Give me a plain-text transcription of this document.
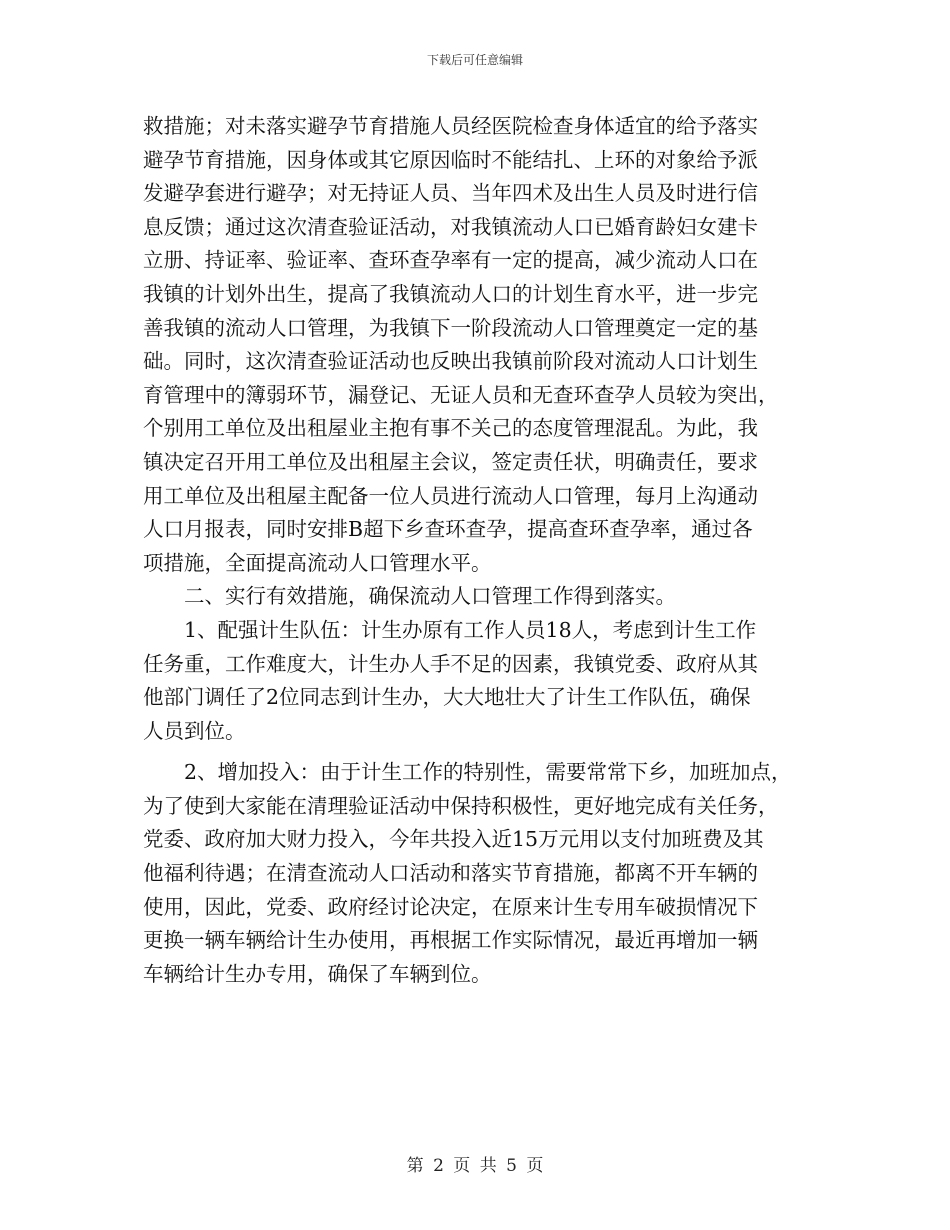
下载后可任意编辑
救措施；对未落实避孕节育措施人员经医院检查身体适宜的给予落实
避孕节育措施，因身体或其它原因临时不能结扎、上环的对象给予派
发避孕套进行避孕；对无持证人员、当年四术及出生人员及时进行信
息反馈；通过这次清查验证活动，对我镇流动人口已婚育龄妇女建卡
立册、持证率、验证率、查环查孕率有一定的提高，减少流动人口在
我镇的计划外出生，提高了我镇流动人口的计划生育水平，进一步完
善我镇的流动人口管理，为我镇下一阶段流动人口管理奠定一定的基
础。同时，这次清查验证活动也反映出我镇前阶段对流动人口计划生
育管理中的簿弱环节，漏登记、无证人员和无查环查孕人员较为突出，
个别用工单位及出租屋业主抱有事不关己的态度管理混乱。为此，我
镇决定召开用工单位及出租屋主会议，签定责任状，明确责任，要求
用工单位及出租屋主配备一位人员进行流动人口管理，每月上沟通动
人口月报表，同时安排B超下乡查环查孕，提高查环查孕率，通过各
项措施，全面提高流动人口管理水平。
二、实行有效措施，确保流动人口管理工作得到落实。
1、配强计生队伍：计生办原有工作人员18人，考虑到计生工作
任务重，工作难度大，计生办人手不足的因素，我镇党委、政府从其
他部门调任了2位同志到计生办，大大地壮大了计生工作队伍，确保
人员到位。
2、增加投入：由于计生工作的特别性，需要常常下乡，加班加点，
为了使到大家能在清理验证活动中保持积极性，更好地完成有关任务，
党委、政府加大财力投入，今年共投入近15万元用以支付加班费及其
他福利待遇；在清查流动人口活动和落实节育措施，都离不开车辆的
使用，因此，党委、政府经讨论决定，在原来计生专用车破损情况下
更换一辆车辆给计生办使用，再根据工作实际情况，最近再增加一辆
车辆给计生办专用，确保了车辆到位。
第 2 页 共 5 页
